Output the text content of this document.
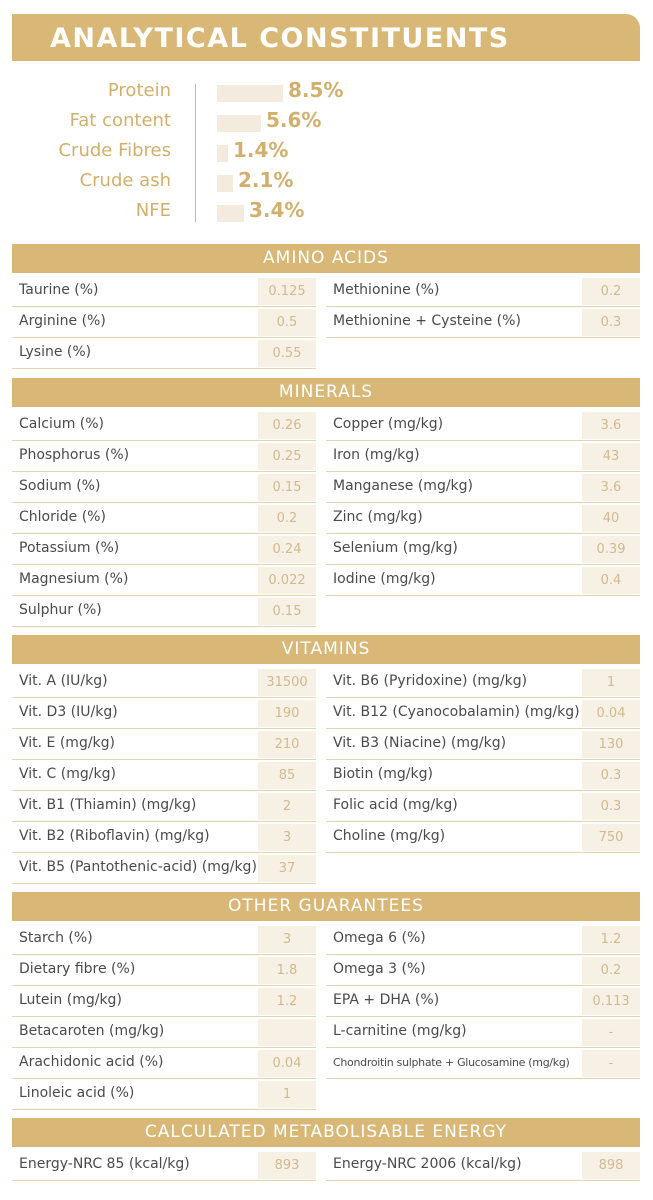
ANALYTICAL CONSTITUENTS
Protein	8.5%
Fat content	5.6%
Crude Fibres	1.4%
Crude ash	2.1%
NFE	3.4%
AMINO ACIDS
Taurine (%)	0.125
Arginine (%)	0.5
Lysine (%)	0.55
Methionine (%)	0.2
Methionine + Cysteine (%)	0.3
MINERALS
Calcium (%)	0.26
Phosphorus (%)	0.25
Sodium (%)	0.15
Chloride (%)	0.2
Potassium (%)	0.24
Magnesium (%)	0.022
Sulphur (%)	0.15
Copper (mg/kg)	3.6
Iron (mg/kg)	43
Manganese (mg/kg)	3.6
Zinc (mg/kg)	40
Selenium (mg/kg)	0.39
Iodine (mg/kg)	0.4
VITAMINS
Vit. A (IU/kg)	31500
Vit. D3 (IU/kg)	190
Vit. E (mg/kg)	210
Vit. C (mg/kg)	85
Vit. B1 (Thiamin) (mg/kg)	2
Vit. B2 (Riboflavin) (mg/kg)	3
Vit. B5 (Pantothenic-acid) (mg/kg)	37
Vit. B6 (Pyridoxine) (mg/kg)	1
Vit. B12 (Cyanocobalamin) (mg/kg)	0.04
Vit. B3 (Niacine) (mg/kg)	130
Biotin (mg/kg)	0.3
Folic acid (mg/kg)	0.3
Choline (mg/kg)	750
OTHER GUARANTEES
Starch (%)	3
Dietary fibre (%)	1.8
Lutein (mg/kg)	1.2
Betacaroten (mg/kg)
Arachidonic acid (%)	0.04
Linoleic acid (%)	1
Omega 6 (%)	1.2
Omega 3 (%)	0.2
EPA + DHA (%)	0.113
L-carnitine (mg/kg)	-
Chondroitin sulphate + Glucosamine (mg/kg)	-
CALCULATED METABOLISABLE ENERGY
Energy-NRC 85 (kcal/kg)	893	Energy-NRC 2006 (kcal/kg)	898
